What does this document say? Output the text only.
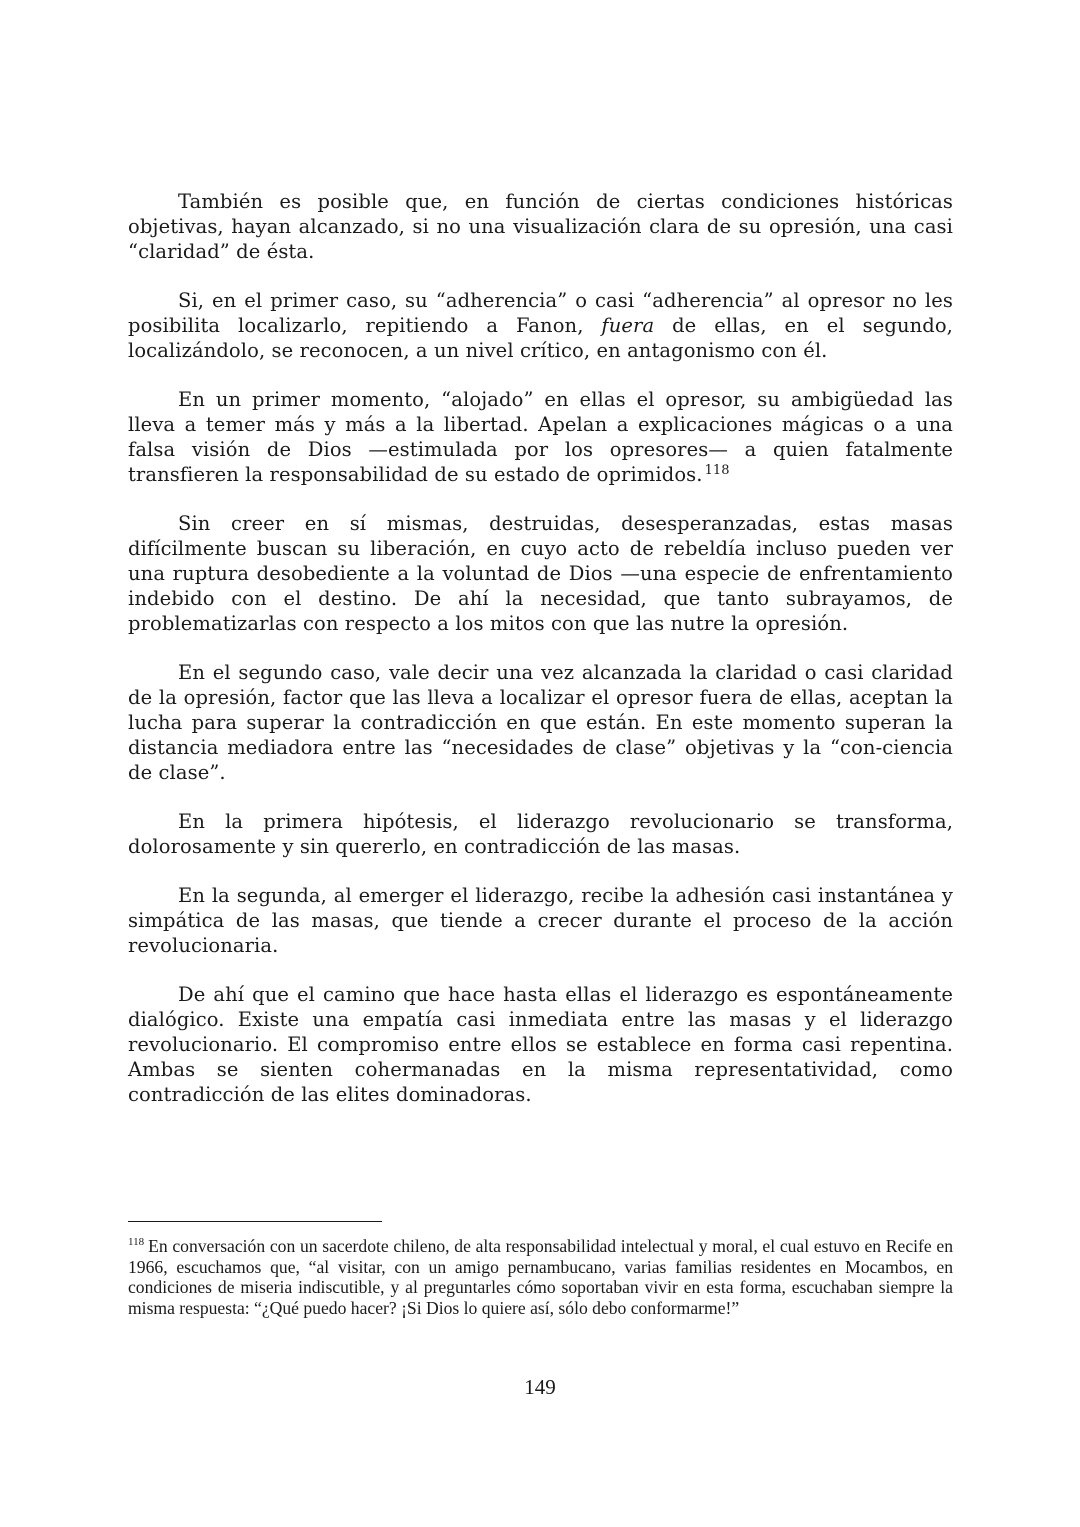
También es posible que, en función de ciertas condiciones históricas objetivas, hayan alcanzado, si no una visualización clara de su opresión, una casi “claridad” de ésta.

Si, en el primer caso, su “adherencia” o casi “adherencia” al opresor no les posibilita localizarlo, repitiendo a Fanon, fuera de ellas, en el segundo, localizándolo, se reconocen, a un nivel crítico, en antagonismo con él.

En un primer momento, “alojado” en ellas el opresor, su ambigüedad las lleva a temer más y más a la libertad. Apelan a explicaciones mágicas o a una falsa visión de Dios —estimulada por los opresores— a quien fatalmente transfieren la responsabilidad de su estado de oprimidos. $^{118}$

Sin creer en sí mismas, destruidas, desesperanzadas, estas masas difícilmente buscan su liberación, en cuyo acto de rebeldía incluso pueden ver una ruptura desobediente a la voluntad de Dios —una especie de enfrentamiento indebido con el destino. De ahí la necesidad, que tanto subrayamos, de problematizarlas con respecto a los mitos con que las nutre la opresión.

En el segundo caso, vale decir una vez alcanzada la claridad o casi claridad de la opresión, factor que las lleva a localizar el opresor fuera de ellas, aceptan la lucha para superar la contradicción en que están. En este momento superan la distancia mediadora entre las “necesidades de clase” objetivas y la “con-ciencia de clase”.

En la primera hipótesis, el liderazgo revolucionario se transforma, dolorosamente y sin quererlo, en contradicción de las masas.

En la segunda, al emerger el liderazgo, recibe la adhesión casi instantánea y simpática de las masas, que tiende a crecer durante el proceso de la acción revolucionaria.

De ahí que el camino que hace hasta ellas el liderazgo es espontáneamente dialógico. Existe una empatía casi inmediata entre las masas y el liderazgo revolucionario. El compromiso entre ellos se establece en forma casi repentina. Ambas se sienten cohermanadas en la misma representatividad, como contradicción de las elites dominadoras.

$^{118}$ En conversación con un sacerdote chileno, de alta responsabilidad intelectual y moral, el cual estuvo en Recife en 1966, escuchamos que, “al visitar, con un amigo pernambucano, varias familias residentes en Mocambos, en condiciones de miseria indiscutible, y al preguntarles cómo soportaban vivir en esta forma, escuchaban siempre la misma respuesta: “¿Qué puedo hacer? ¡Si Dios lo quiere así, sólo debo conformarme!”

149
